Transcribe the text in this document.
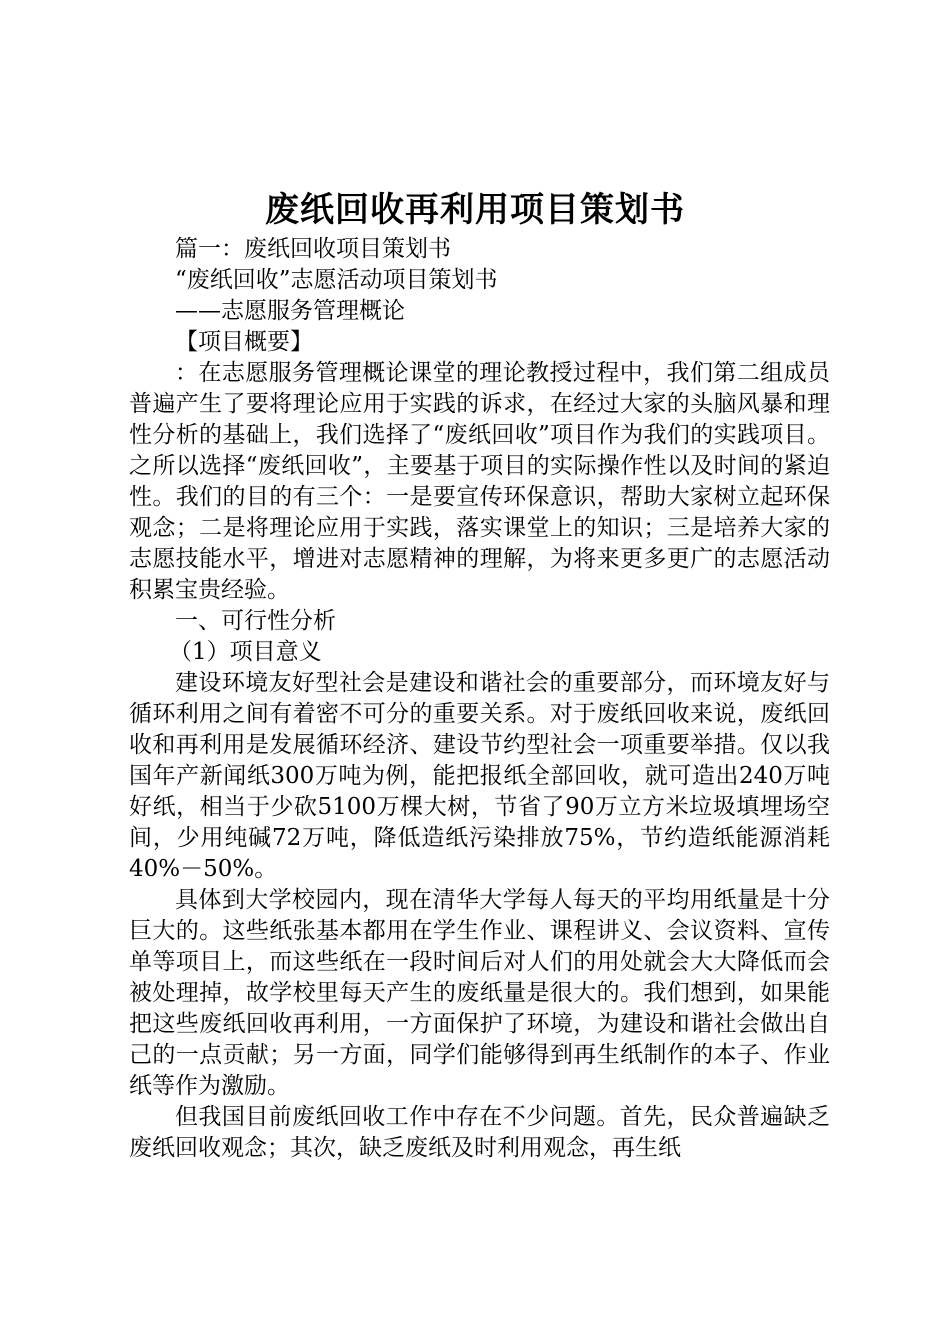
废纸回收再利用项目策划书

篇一：废纸回收项目策划书

“废纸回收”志愿活动项目策划书

——志愿服务管理概论

【项目概要】

：在志愿服务管理概论课堂的理论教授过程中，我们第二组成员普遍产生了要将理论应用于实践的诉求，在经过大家的头脑风暴和理性分析的基础上，我们选择了“废纸回收”项目作为我们的实践项目。之所以选择“废纸回收”，主要基于项目的实际操作性以及时间的紧迫性。我们的目的有三个：一是要宣传环保意识，帮助大家树立起环保观念；二是将理论应用于实践，落实课堂上的知识；三是培养大家的志愿技能水平，增进对志愿精神的理解，为将来更多更广的志愿活动积累宝贵经验。

一、可行性分析

（1）项目意义

建设环境友好型社会是建设和谐社会的重要部分，而环境友好与循环利用之间有着密不可分的重要关系。对于废纸回收来说，废纸回收和再利用是发展循环经济、建设节约型社会一项重要举措。仅以我国年产新闻纸300万吨为例，能把报纸全部回收，就可造出240万吨好纸，相当于少砍5100万棵大树，节省了90万立方米垃圾填埋场空间，少用纯碱72万吨，降低造纸污染排放75%，节约造纸能源消耗40%－50%。

具体到大学校园内，现在清华大学每人每天的平均用纸量是十分巨大的。这些纸张基本都用在学生作业、课程讲义、会议资料、宣传单等项目上，而这些纸在一段时间后对人们的用处就会大大降低而会被处理掉，故学校里每天产生的废纸量是很大的。我们想到，如果能把这些废纸回收再利用，一方面保护了环境，为建设和谐社会做出自己的一点贡献；另一方面，同学们能够得到再生纸制作的本子、作业纸等作为激励。

但我国目前废纸回收工作中存在不少问题。首先，民众普遍缺乏废纸回收观念；其次，缺乏废纸及时利用观念，再生纸
